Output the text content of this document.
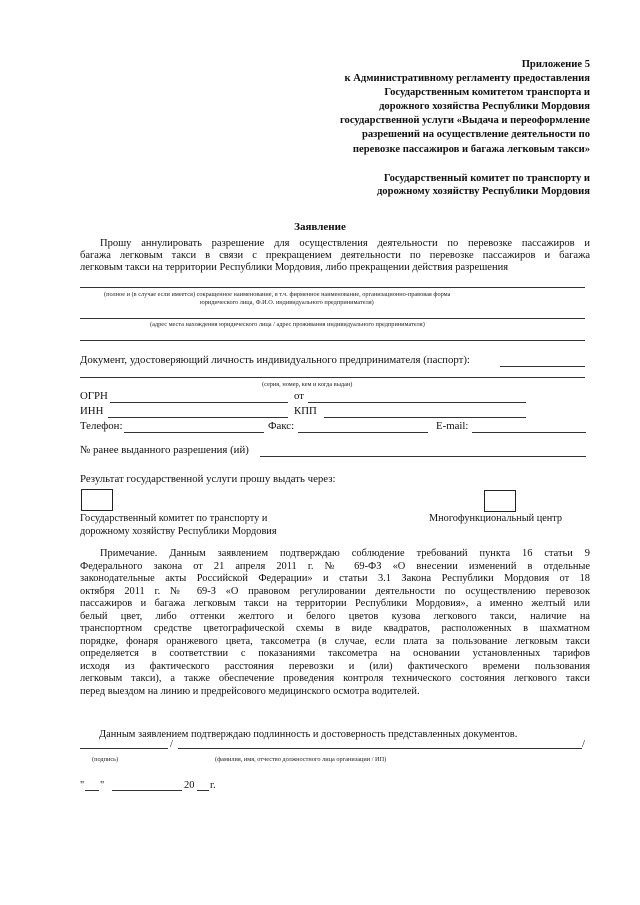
Приложение 5
к Административному регламенту предоставления
Государственным комитетом транспорта и
дорожного хозяйства Республики Мордовия
государственной услуги «Выдача и переоформление
разрешений на осуществление деятельности по
перевозке пассажиров и багажа легковым такси»
Государственный комитет по транспорту и
дорожному хозяйству Республики Мордовия
Заявление
Прошу аннулировать разрешение для осуществления деятельности по перевозке пассажиров и
багажа легковым такси в связи с прекращением деятельности по перевозке пассажиров и багажа
легковым такси на территории Республики Мордовия, либо прекращении действия разрешения
(полное и (в случае если имеется) сокращенное наименование, в т.ч. фирменное наименование, организационно-правовая форма
юридического лица, Ф.И.О. индивидуального предпринимателя)
(адрес места нахождения юридического лица / адрес проживания индивидуального предпринимателя)
Документ, удостоверяющий личность индивидуального предпринимателя (паспорт):
(серия, номер, кем и когда выдан)
ОГРН	от
ИНН	КПП
Телефон:	Факс:	E-mail:
№ ранее выданного разрешения (ий)
Результат государственной услуги прошу выдать через:
Государственный комитет по транспорту и
дорожному хозяйству Республики Мордовия
Многофункциональный центр
Примечание. Данным заявлением подтверждаю соблюдение требований пункта 16 статьи 9
Федерального закона от 21 апреля 2011 г. № 69-ФЗ «О внесении изменений в отдельные
законодательные акты Российской Федерации» и статьи 3.1 Закона Республики Мордовия от 18
октября 2011 г. № 69-З «О правовом регулировании деятельности по осуществлению перевозок
пассажиров и багажа легковым такси на территории Республики Мордовия», а именно желтый или
белый цвет, либо оттенки желтого и белого цветов кузова легкового такси, наличие на
транспортном средстве цветографической схемы в виде квадратов, расположенных в шахматном
порядке, фонаря оранжевого цвета, таксометра (в случае, если плата за пользование легковым такси
определяется в соответствии с показаниями таксометра на основании установленных тарифов
исходя из фактического расстояния перевозки и (или) фактического времени пользования
легковым такси), а также обеспечение проведения контроля технического состояния легкового такси
перед выездом на линию и предрейсового медицинского осмотра водителей.
Данным заявлением подтверждаю подлинность и достоверность представленных документов.
/	/
(подпись)	(фамилия, имя, отчество должностного лица организации / ИП)
" "	20 г.
